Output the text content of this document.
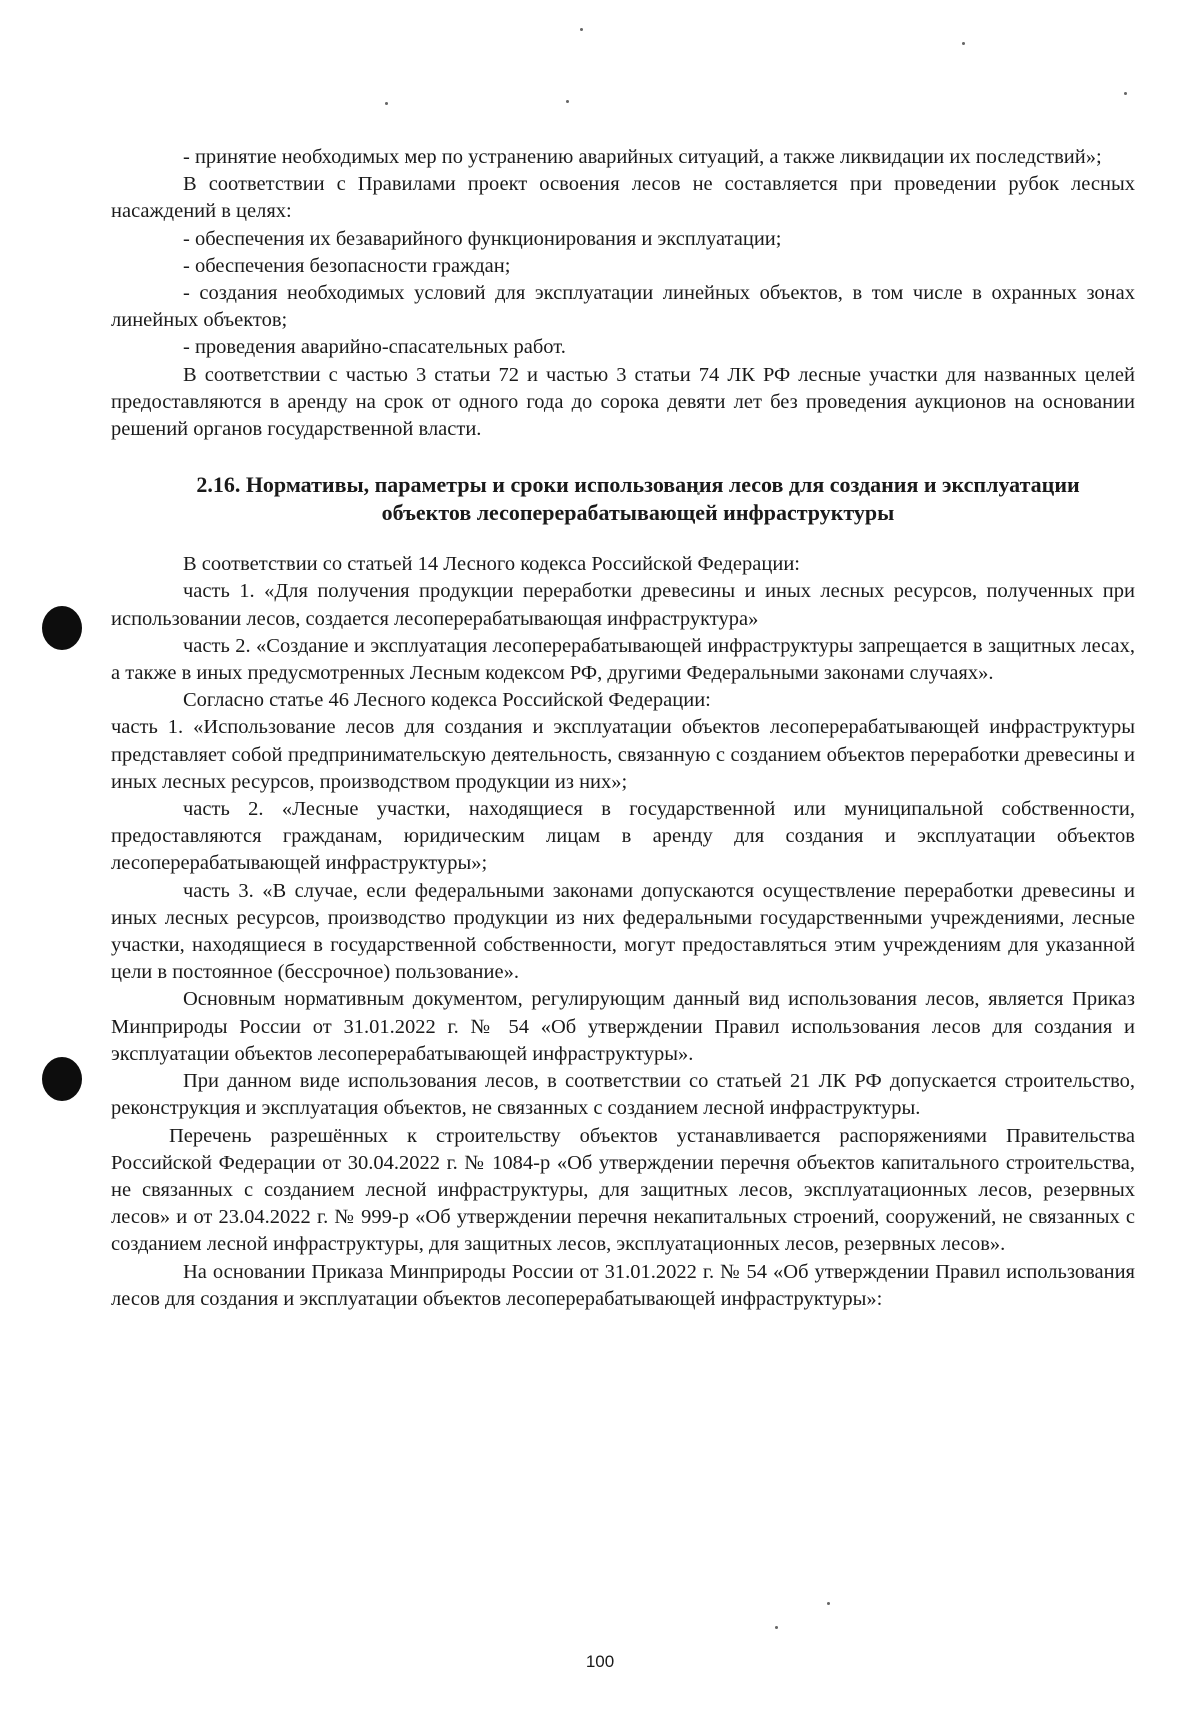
- принятие необходимых мер по устранению аварийных ситуаций, а также ликвидации их последствий»;

В соответствии с Правилами проект освоения лесов не составляется при проведении рубок лесных насаждений в целях:

- обеспечения их безаварийного функционирования и эксплуатации;

- обеспечения безопасности граждан;

- создания необходимых условий для эксплуатации линейных объектов, в том числе в охранных зонах линейных объектов;

- проведения аварийно-спасательных работ.

В соответствии с частью 3 статьи 72 и частью 3 статьи 74 ЛК РФ лесные участки для названных целей предоставляются в аренду на срок от одного года до сорока девяти лет без проведения аукционов на основании решений органов государственной власти.

2.16. Нормативы, параметры и сроки использования лесов для создания и эксплуатации объектов лесоперерабатывающей инфраструктуры

В соответствии со статьей 14 Лесного кодекса Российской Федерации:

часть 1. «Для получения продукции переработки древесины и иных лесных ресурсов, полученных при использовании лесов, создается лесоперерабатывающая инфраструктура»

часть 2. «Создание и эксплуатация лесоперерабатывающей инфраструктуры запрещается в защитных лесах, а также в иных предусмотренных Лесным кодексом РФ, другими Федеральными законами случаях».

Согласно статье 46 Лесного кодекса Российской Федерации:

часть 1. «Использование лесов для создания и эксплуатации объектов лесоперерабатывающей инфраструктуры представляет собой предпринимательскую деятельность, связанную с созданием объектов переработки древесины и иных лесных ресурсов, производством продукции из них»;

часть 2. «Лесные участки, находящиеся в государственной или муниципальной собственности, предоставляются гражданам, юридическим лицам в аренду для создания и эксплуатации объектов лесоперерабатывающей инфраструктуры»;

часть 3. «В случае, если федеральными законами допускаются осуществление переработки древесины и иных лесных ресурсов, производство продукции из них федеральными государственными учреждениями, лесные участки, находящиеся в государственной собственности, могут предоставляться этим учреждениям для указанной цели в постоянное (бессрочное) пользование».

Основным нормативным документом, регулирующим данный вид использования лесов, является Приказ Минприроды России от 31.01.2022 г. № 54 «Об утверждении Правил использования лесов для создания и эксплуатации объектов лесоперерабатывающей инфраструктуры».

При данном виде использования лесов, в соответствии со статьей 21 ЛК РФ допускается строительство, реконструкция и эксплуатация объектов, не связанных с созданием лесной инфраструктуры.

Перечень разрешённых к строительству объектов устанавливается распоряжениями Правительства Российской Федерации от 30.04.2022 г. № 1084-р «Об утверждении перечня объектов капитального строительства, не связанных с созданием лесной инфраструктуры, для защитных лесов, эксплуатационных лесов, резервных лесов» и от 23.04.2022 г. № 999-р «Об утверждении перечня некапитальных строений, сооружений, не связанных с созданием лесной инфраструктуры, для защитных лесов, эксплуатационных лесов, резервных лесов».

На основании Приказа Минприроды России от 31.01.2022 г. № 54 «Об утверждении Правил использования лесов для создания и эксплуатации объектов лесоперерабатывающей инфраструктуры»:

100
